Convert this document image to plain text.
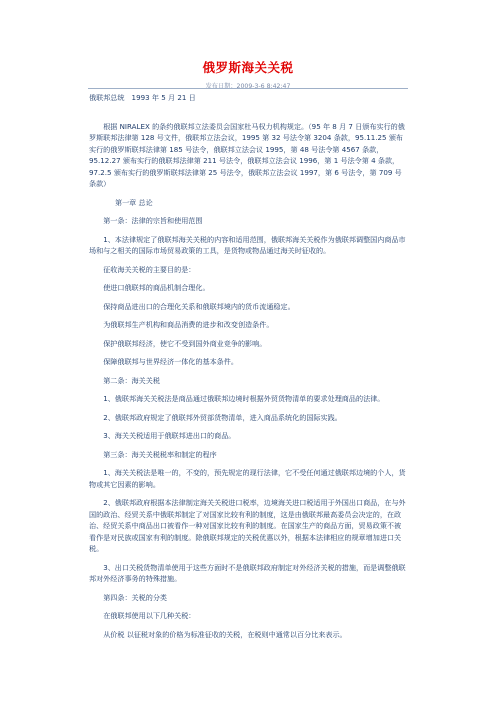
俄罗斯海关关税
发布日期：2009-3-6 8:42:47

俄联邦总统　1993 年 5 月 21 日

根据 NIRALEX 的条约俄联邦立法委员会国家杜马权力机构规定。（95 年 8 月 7 日颁布实行的俄罗斯联邦法律第 128 号文件，俄联邦立法会议，1995 第 32 号法令第 3204 条款，95.11.25 颁布实行的俄罗斯联邦法律第 185 号法令，俄联邦立法会议 1995，第 48 号法令第 4567 条款，95.12.27 颁布实行的俄联邦法律第 211 号法令，俄联邦立法会议 1996，第 1 号法令第 4 条款，97.2.5 颁布实行的俄罗斯联邦法律第 25 号法令，俄联邦立法会议 1997，第 6 号法令，第 709 号条款）

第一章 总论

第一条：法律的宗旨和使用范围

1、本法律规定了俄联邦海关关税的内容和适用范围，俄联邦海关关税作为俄联邦调整国内商品市场和与之相关的国际市场贸易政策的工具，是货物或物品通过海关时征收的。

征收海关关税的主要目的是：

使进口俄联邦的商品机制合理化。

保持商品进出口的合理化关系和俄联邦境内的货币流通稳定。

为俄联邦生产机构和商品消费的进步和改变创造条件。

保护俄联邦经济，使它不受到国外商业竞争的影响。

保障俄联邦与世界经济一体化的基本条件。

第二条：海关关税

1、俄联邦海关关税法是商品通过俄联邦边境时根据外贸货物清单的要求处理商品的法律。

2、俄联邦政府规定了俄联邦外贸部货物清单，进入商品系统化的国际实践。

3、海关关税适用于俄联邦进出口的商品。

第三条：海关关税税率和制定的程序

1、海关关税法是唯一的，不变的，预先规定的现行法律，它不受任何通过俄联邦边境的个人，货物或其它因素的影响。

2、俄联邦政府根据本法律制定海关关税进口税率，边境海关进口税适用于外国出口商品，在与外国的政治、经贸关系中俄联邦制定了对国家比较有利的制度，这是由俄联邦最高委员会决定的，在政治、经贸关系中商品出口被看作一种对国家比较有利的制度。在国家生产的商品方面，贸易政策不被看作是对民族或国家有利的制度。除俄联邦规定的关税优惠以外，根据本法律相应的规章增加进口关税。

3、出口关税货物清单使用于这些方面时不是俄联邦政府制定对外经济关税的措施，而是调整俄联邦对外经济事务的特殊措施。

第四条：关税的分类

在俄联邦使用以下几种关税：

从价税 以征税对象的价格为标准征收的关税，在税则中通常以百分比来表示。
